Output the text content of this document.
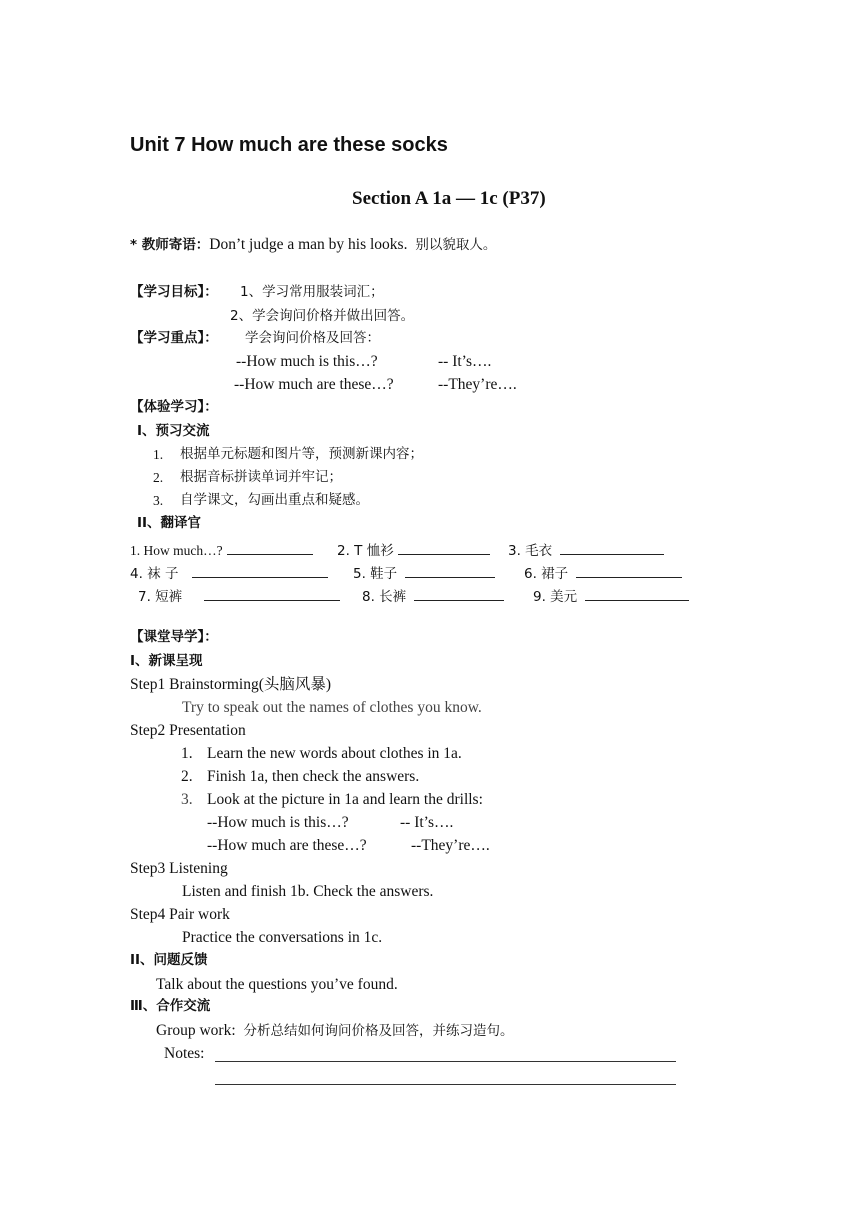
Unit 7 How much are these socks
Section A 1a — 1c (P37)
* 教师寄语：Don’t judge a man by his looks. 别以貌取人。
【学习目标】： 1、学习常用服装词汇；
2、学会询问价格并做出回答。
【学习重点】： 学会询问价格及回答：
--How much is this…?	-- It’s….
--How much are these…?	--They’re….
【体验学习】：
I、预习交流
1. 根据单元标题和图片等，预测新课内容；
2. 根据音标拼读单词并牢记；
3. 自学课文，勾画出重点和疑感。
II、翻译官
1. How much…?	2. T 恤衫	3. 毛衣
4. 袜 子	5. 鞋子	6. 裙子
7. 短裤	8. 长裤	9. 美元
【课堂导学】：
I、新课呈现
Step1 Brainstorming(头脑风暴)
Try to speak out the names of clothes you know.
Step2 Presentation
1. Learn the new words about clothes in 1a.
2. Finish 1a, then check the answers.
3. Look at the picture in 1a and learn the drills:
--How much is this…?	-- It’s….
--How much are these…?	--They’re….
Step3 Listening
Listen and finish 1b. Check the answers.
Step4 Pair work
Practice the conversations in 1c.
II、问题反馈
Talk about the questions you’ve found.
Ⅲ、合作交流
Group work: 分析总结如何询问价格及回答，并练习造句。
Notes:
